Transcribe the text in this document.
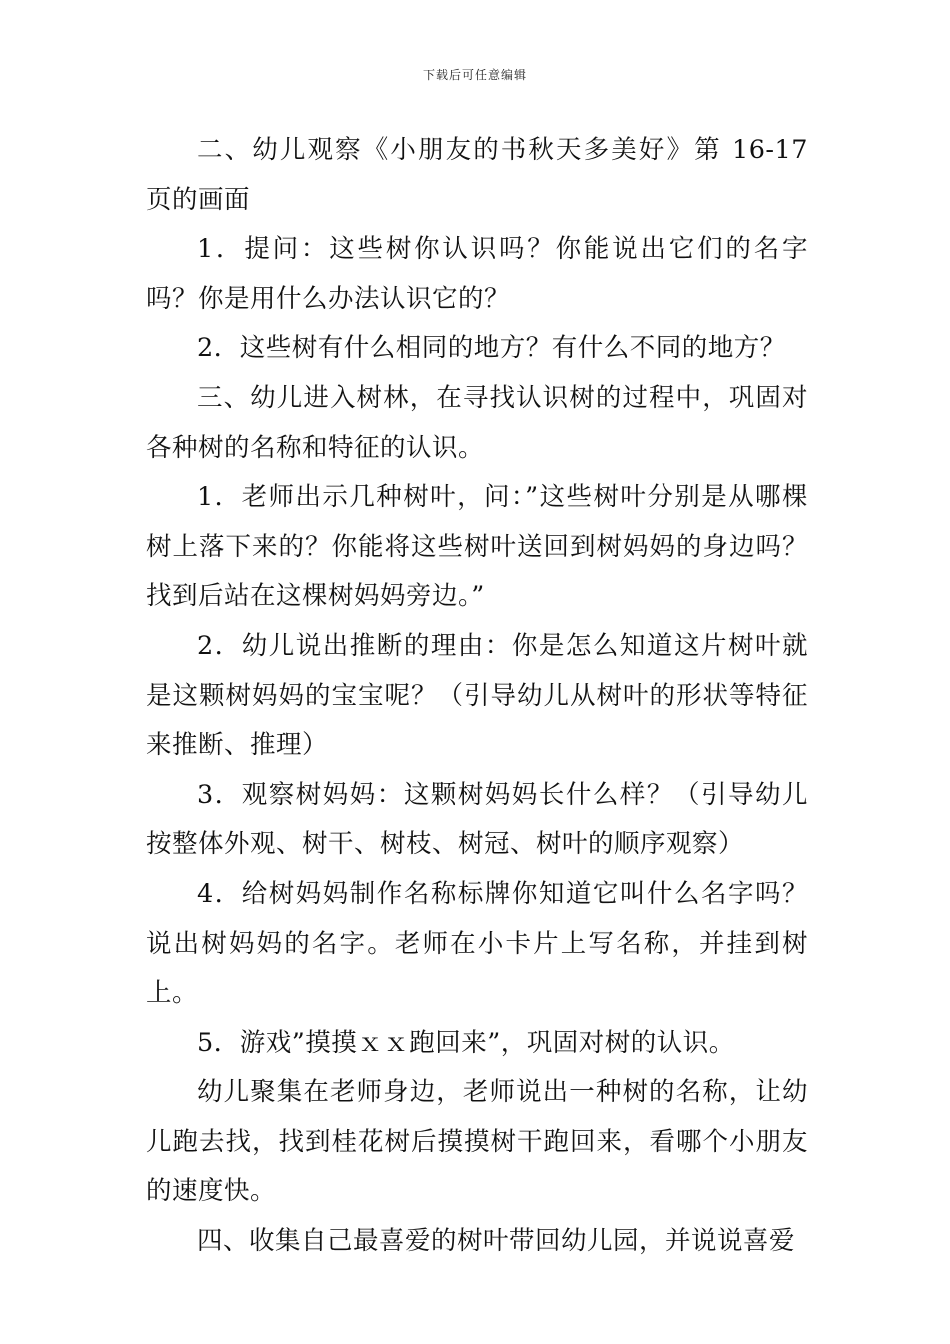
下载后可任意编辑

二、幼儿观察《小朋友的书秋天多美好》第 16-17 页的画面

1．提问：这些树你认识吗？你能说出它们的名字吗？你是用什么办法认识它的？

2．这些树有什么相同的地方？有什么不同的地方？

三、幼儿进入树林，在寻找认识树的过程中，巩固对各种树的名称和特征的认识。

1．老师出示几种树叶，问：”这些树叶分别是从哪棵树上落下来的？你能将这些树叶送回到树妈妈的身边吗？找到后站在这棵树妈妈旁边。”

2．幼儿说出推断的理由：你是怎么知道这片树叶就是这颗树妈妈的宝宝呢？（引导幼儿从树叶的形状等特征来推断、推理）

3．观察树妈妈：这颗树妈妈长什么样？（引导幼儿按整体外观、树干、树枝、树冠、树叶的顺序观察）

4．给树妈妈制作名称标牌你知道它叫什么名字吗？说出树妈妈的名字。老师在小卡片上写名称，并挂到树上。

5．游戏”摸摸ｘｘ跑回来”，巩固对树的认识。

幼儿聚集在老师身边，老师说出一种树的名称，让幼儿跑去找，找到桂花树后摸摸树干跑回来，看哪个小朋友的速度快。

四、收集自己最喜爱的树叶带回幼儿园，并说说喜爱
